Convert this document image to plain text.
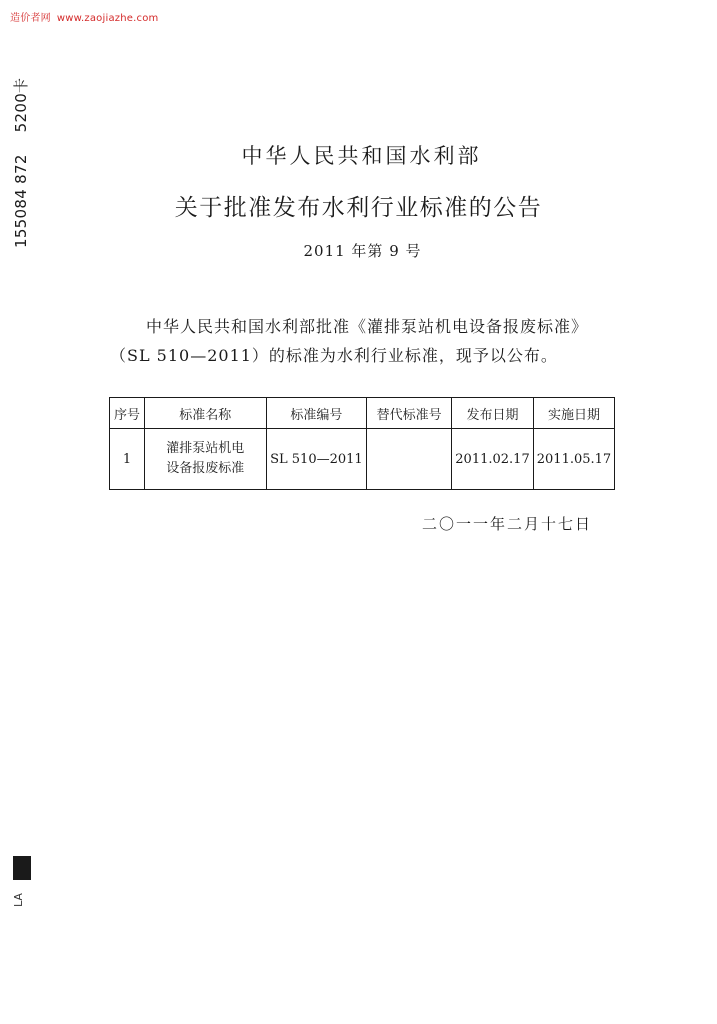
造价者网 www.zaojiazhe.com
155084 8725200卡
LA
中华人民共和国水利部
关于批准发布水利行业标准的公告
2011 年第 9 号
中华人民共和国水利部批准《灌排泵站机电设备报废标准》
（SL 510—2011）的标准为水利行业标准，现予以公布。
序号	标准名称	标准编号	替代标准号	发布日期	实施日期
1	灌排泵站机电
设备报废标准	SL 510—2011		2011.02.17	2011.05.17
二〇一一年二月十七日
